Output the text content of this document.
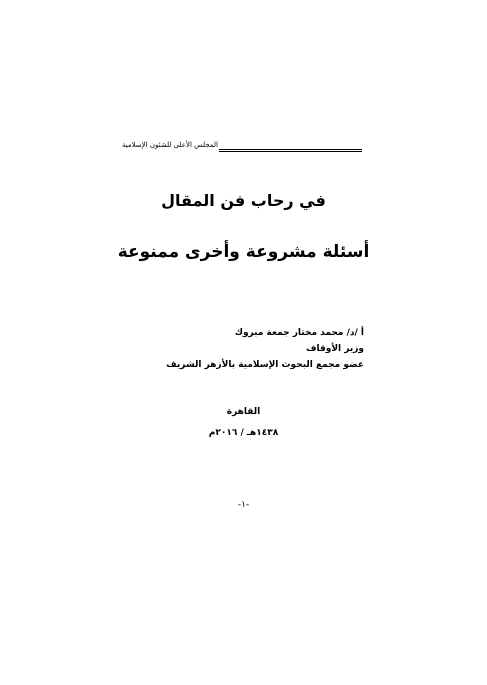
المجلس الأعلى للشئون الإسلامية
في رحاب فن المقال
أسئلة مشروعة وأخرى ممنوعة
أ /د/ محمد مختار جمعة مبروك
وزير الأوقاف
عضو مجمع البحوث الإسلامية بالأزهر الشريف
القاهرة
١٤٣٨هـ / ٢٠١٦م
-١-
